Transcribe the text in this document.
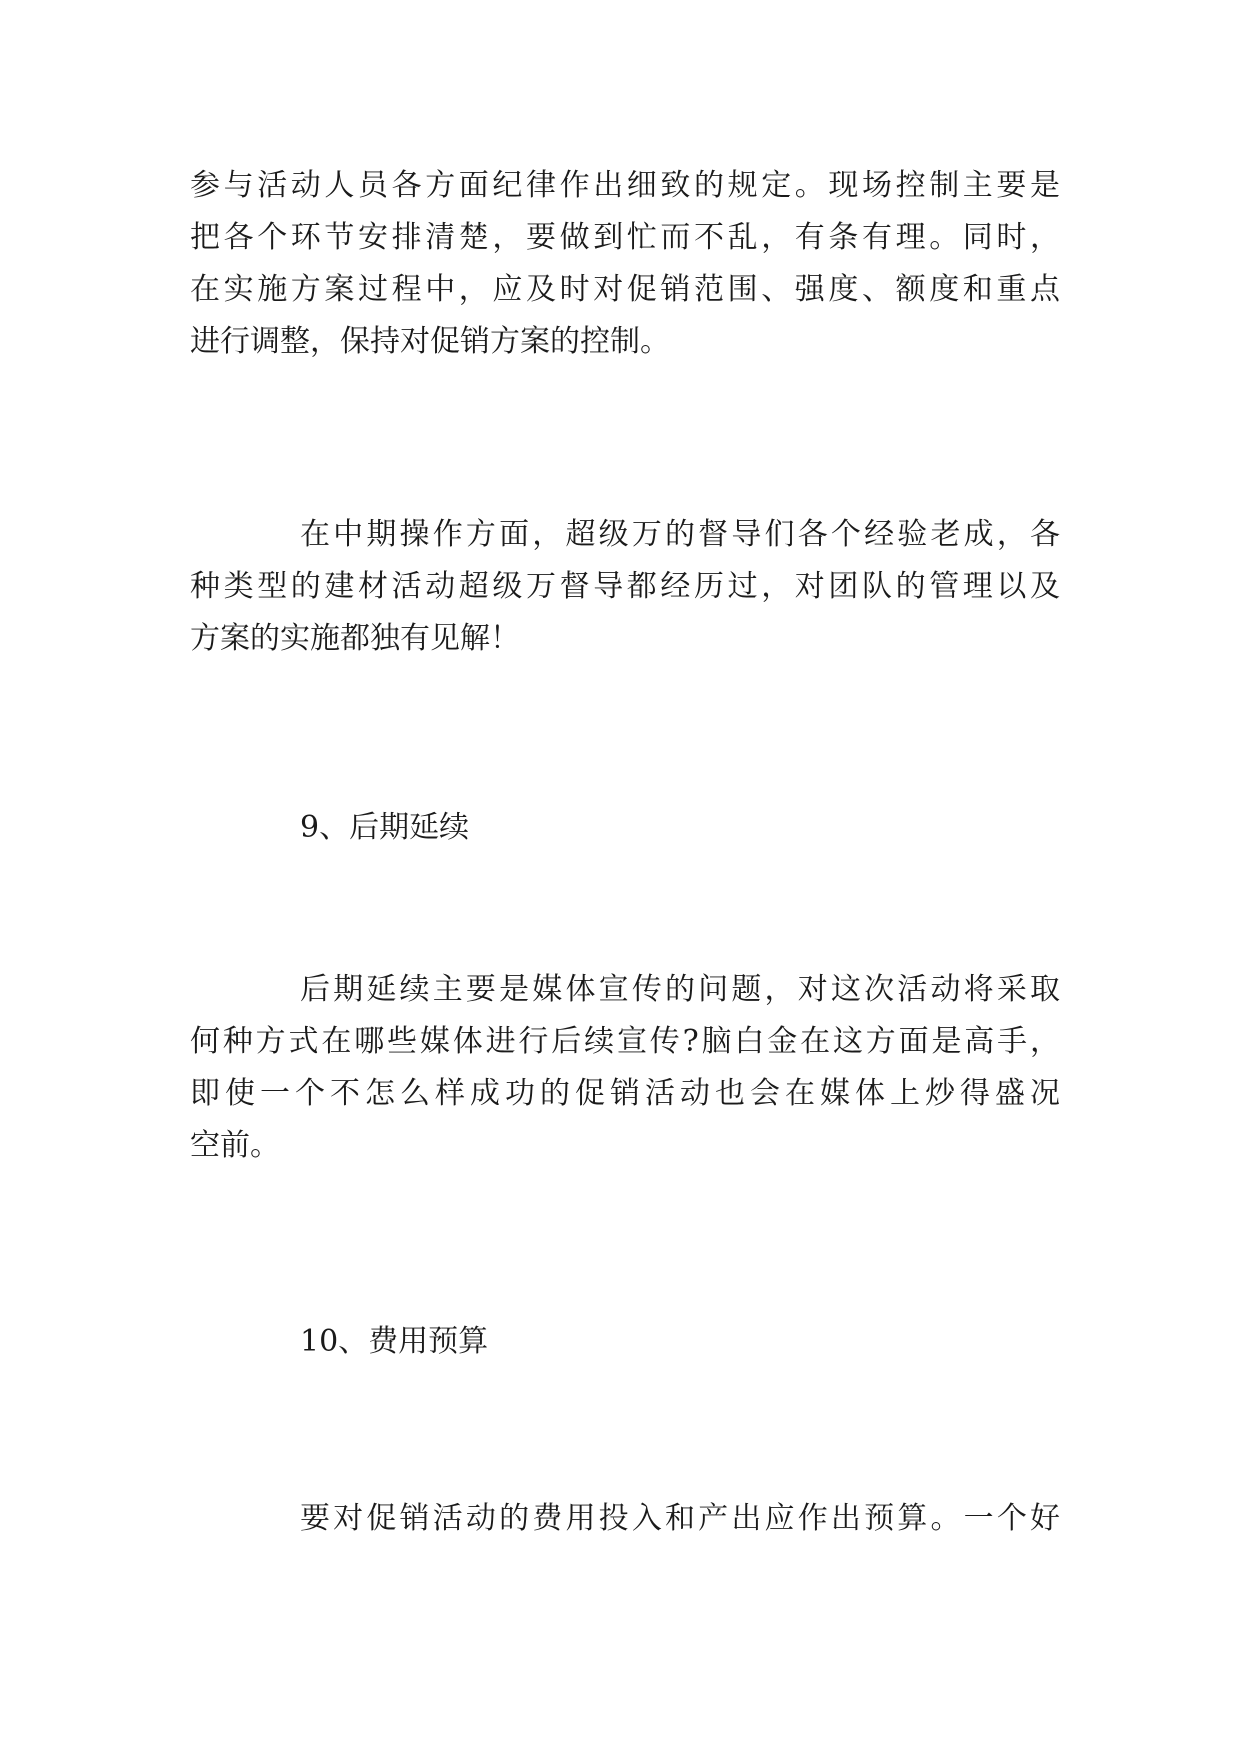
参与活动人员各方面纪律作出细致的规定。现场控制主要是
把各个环节安排清楚，要做到忙而不乱，有条有理。同时，
在实施方案过程中，应及时对促销范围、强度、额度和重点
进行调整，保持对促销方案的控制。
在中期操作方面，超级万的督导们各个经验老成，各
种类型的建材活动超级万督导都经历过，对团队的管理以及
方案的实施都独有见解！
9、后期延续
后期延续主要是媒体宣传的问题，对这次活动将采取
何种方式在哪些媒体进行后续宣传?脑白金在这方面是高手，
即使一个不怎么样成功的促销活动也会在媒体上炒得盛况
空前。
10、费用预算
要对促销活动的费用投入和产出应作出预算。一个好
